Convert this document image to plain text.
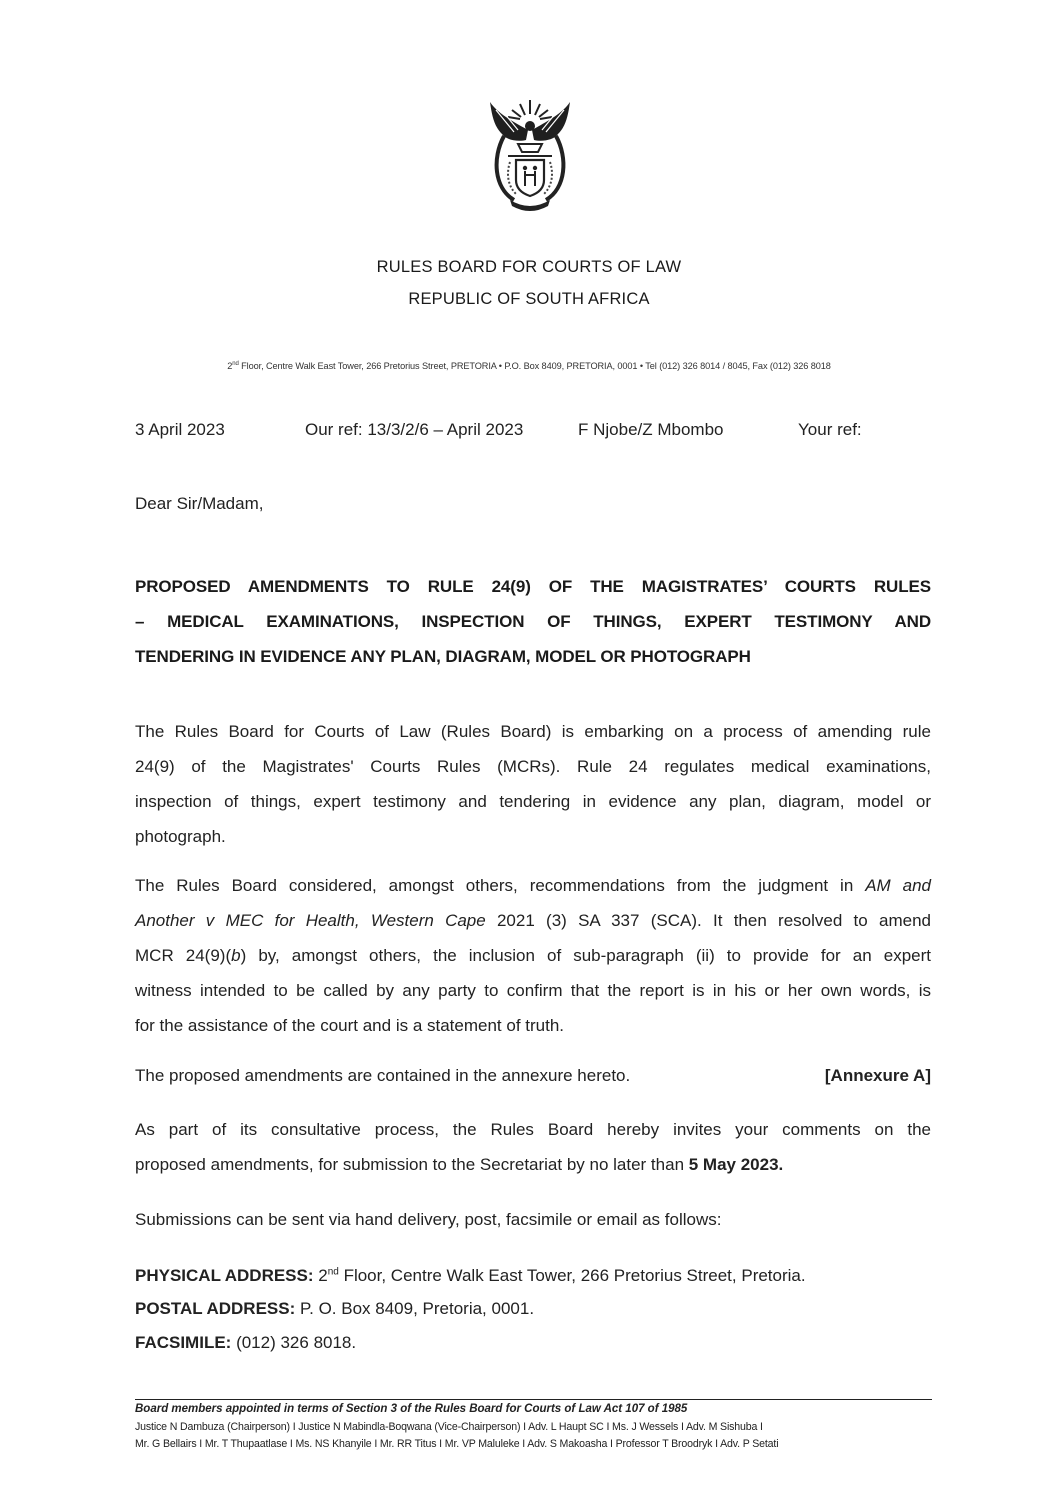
RULES BOARD FOR COURTS OF LAW
REPUBLIC OF SOUTH AFRICA
2nd Floor, Centre Walk East Tower, 266 Pretorius Street, PRETORIA • P.O. Box 8409, PRETORIA, 0001 • Tel (012) 326 8014 / 8045, Fax (012) 326 8018
3 April 2023	Our ref: 13/3/2/6 – April 2023	F Njobe/Z Mbombo	Your ref:
Dear Sir/Madam,
PROPOSED AMENDMENTS TO RULE 24(9) OF THE MAGISTRATES’ COURTS RULES
– MEDICAL EXAMINATIONS, INSPECTION OF THINGS, EXPERT TESTIMONY AND
TENDERING IN EVIDENCE ANY PLAN, DIAGRAM, MODEL OR PHOTOGRAPH
The Rules Board for Courts of Law (Rules Board) is embarking on a process of amending rule
24(9) of the Magistrates' Courts Rules (MCRs). Rule 24 regulates medical examinations,
inspection of things, expert testimony and tendering in evidence any plan, diagram, model or
photograph.
The Rules Board considered, amongst others, recommendations from the judgment in AM and
Another v MEC for Health, Western Cape 2021 (3) SA 337 (SCA). It then resolved to amend
MCR 24(9)(b) by, amongst others, the inclusion of sub-paragraph (ii) to provide for an expert
witness intended to be called by any party to confirm that the report is in his or her own words, is
for the assistance of the court and is a statement of truth.
The proposed amendments are contained in the annexure hereto.	[Annexure A]
As part of its consultative process, the Rules Board hereby invites your comments on the
proposed amendments, for submission to the Secretariat by no later than 5 May 2023.
Submissions can be sent via hand delivery, post, facsimile or email as follows:
PHYSICAL ADDRESS: 2nd Floor, Centre Walk East Tower, 266 Pretorius Street, Pretoria.
POSTAL ADDRESS: P. O. Box 8409, Pretoria, 0001.
FACSIMILE: (012) 326 8018.
Board members appointed in terms of Section 3 of the Rules Board for Courts of Law Act 107 of 1985
Justice N Dambuza (Chairperson) I Justice N Mabindla-Boqwana (Vice-Chairperson) I Adv. L Haupt SC I Ms. J Wessels I Adv. M Sishuba I
Mr. G Bellairs I Mr. T Thupaatlase I Ms. NS Khanyile I Mr. RR Titus I Mr. VP Maluleke I Adv. S Makoasha I Professor T Broodryk I Adv. P Setati
